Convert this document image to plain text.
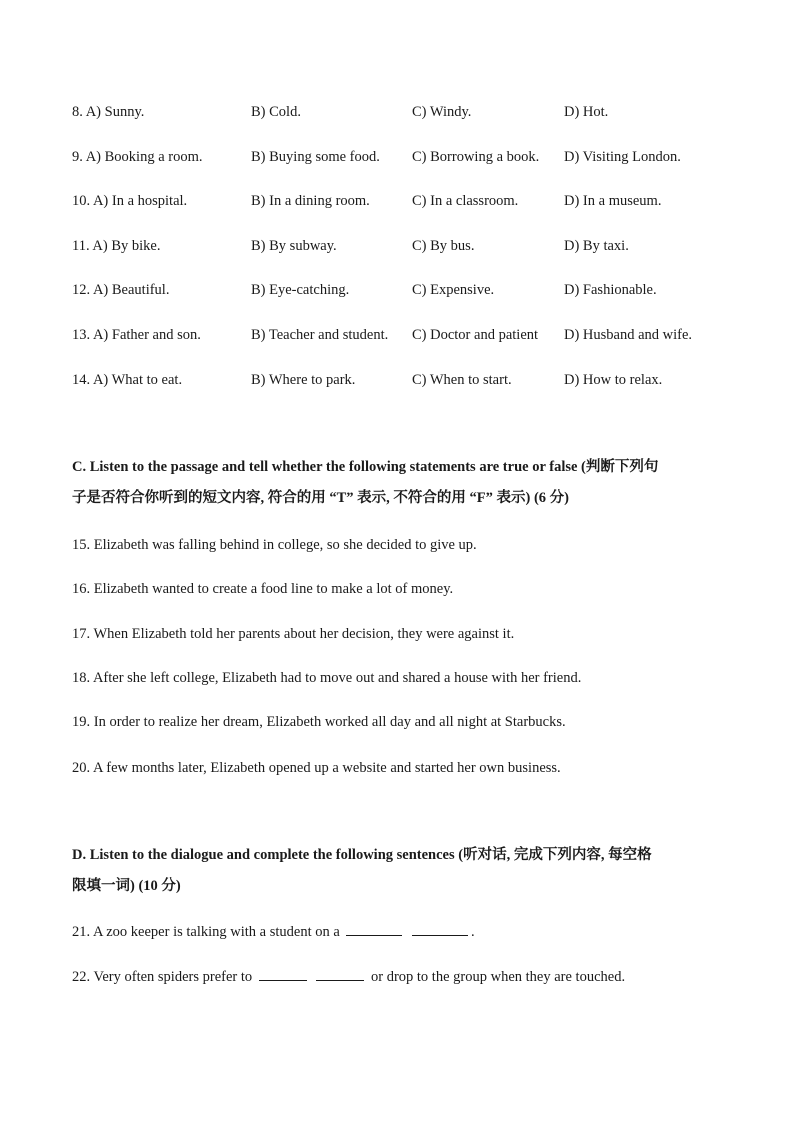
8. A) Sunny.	B) Cold.	C) Windy.	D) Hot.
9. A) Booking a room.	B) Buying some food. C) Borrowing a book. D) Visiting London.
10. A) In a hospital.	B) In a dining room.	C) In a classroom.	D) In a museum.
11. A) By bike.	B) By subway.	C) By bus.	D) By taxi.
12. A) Beautiful.	B) Eye-catching.	C) Expensive.	D) Fashionable.
13. A) Father and son.	B) Teacher and student. C) Doctor and patient D) Husband and wife.
14. A) What to eat.	B) Where to park.	C) When to start.	D) How to relax.
C. Listen to the passage and tell whether the following statements are true or false (判断下列句
子是否符合你听到的短文内容, 符合的用 “T” 表示, 不符合的用 “F” 表示) (6 分)
15. Elizabeth was falling behind in college, so she decided to give up.
16. Elizabeth wanted to create a food line to make a lot of money.
17. When Elizabeth told her parents about her decision, they were against it.
18. After she left college, Elizabeth had to move out and shared a house with her friend.
19. In order to realize her dream, Elizabeth worked all day and all night at Starbucks.
20. A few months later, Elizabeth opened up a website and started her own business.
D. Listen to the dialogue and complete the following sentences (听对话, 完成下列内容, 每空格
限填一词) (10 分)
21. A zoo keeper is talking with a student on a	.
22. Very often spiders prefer to	or drop to the group when they are touched.
